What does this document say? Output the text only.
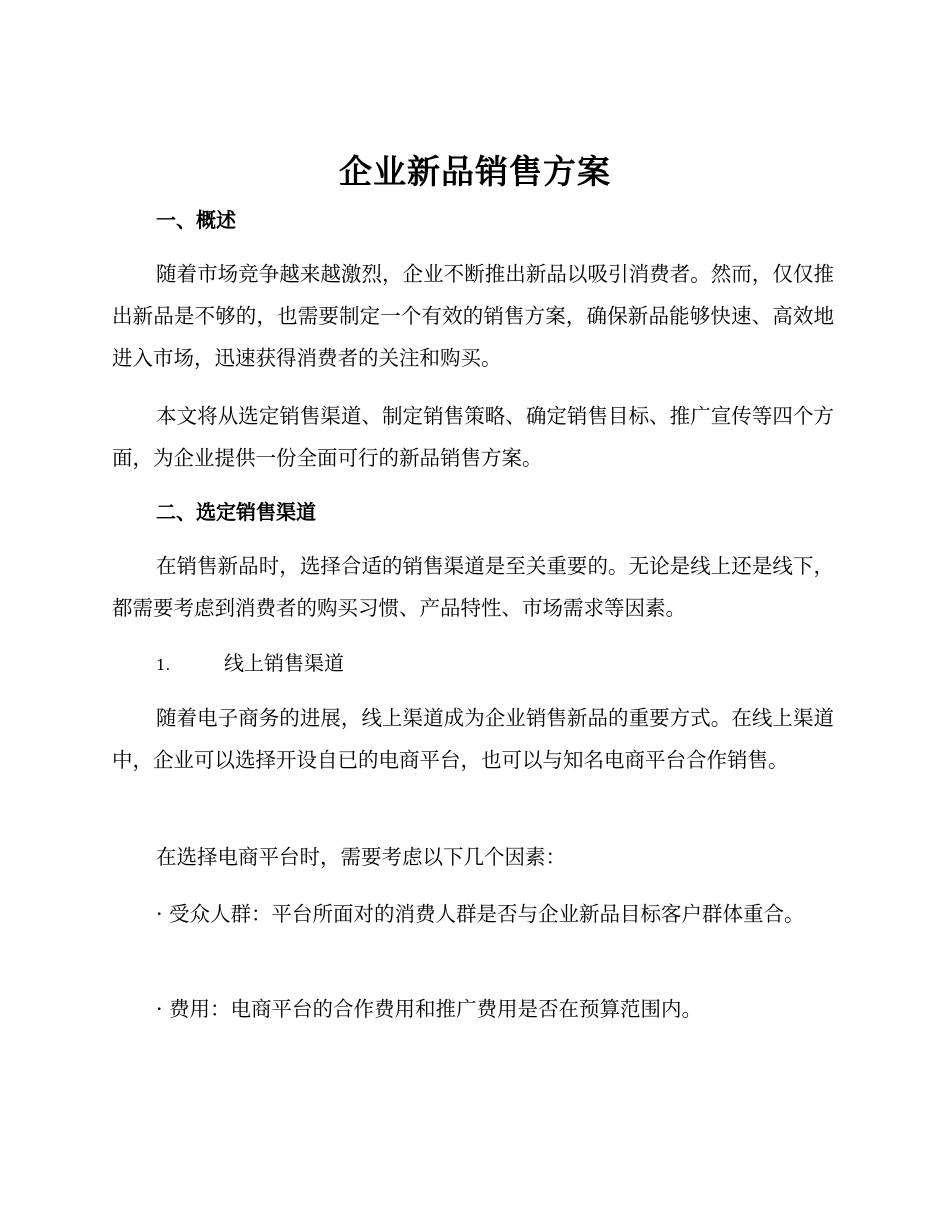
企业新品销售方案
一、概述

随着市场竞争越来越激烈，企业不断推出新品以吸引消费者。然而，仅仅推出新品是不够的，也需要制定一个有效的销售方案，确保新品能够快速、高效地进入市场，迅速获得消费者的关注和购买。

本文将从选定销售渠道、制定销售策略、确定销售目标、推广宣传等四个方面，为企业提供一份全面可行的新品销售方案。

二、选定销售渠道

在销售新品时，选择合适的销售渠道是至关重要的。无论是线上还是线下，都需要考虑到消费者的购买习惯、产品特性、市场需求等因素。

1.	线上销售渠道

随着电子商务的进展，线上渠道成为企业销售新品的重要方式。在线上渠道中，企业可以选择开设自已的电商平台，也可以与知名电商平台合作销售。

在选择电商平台时，需要考虑以下几个因素：

· 受众人群：平台所面对的消费人群是否与企业新品目标客户群体重合。

· 费用：电商平台的合作费用和推广费用是否在预算范围内。
